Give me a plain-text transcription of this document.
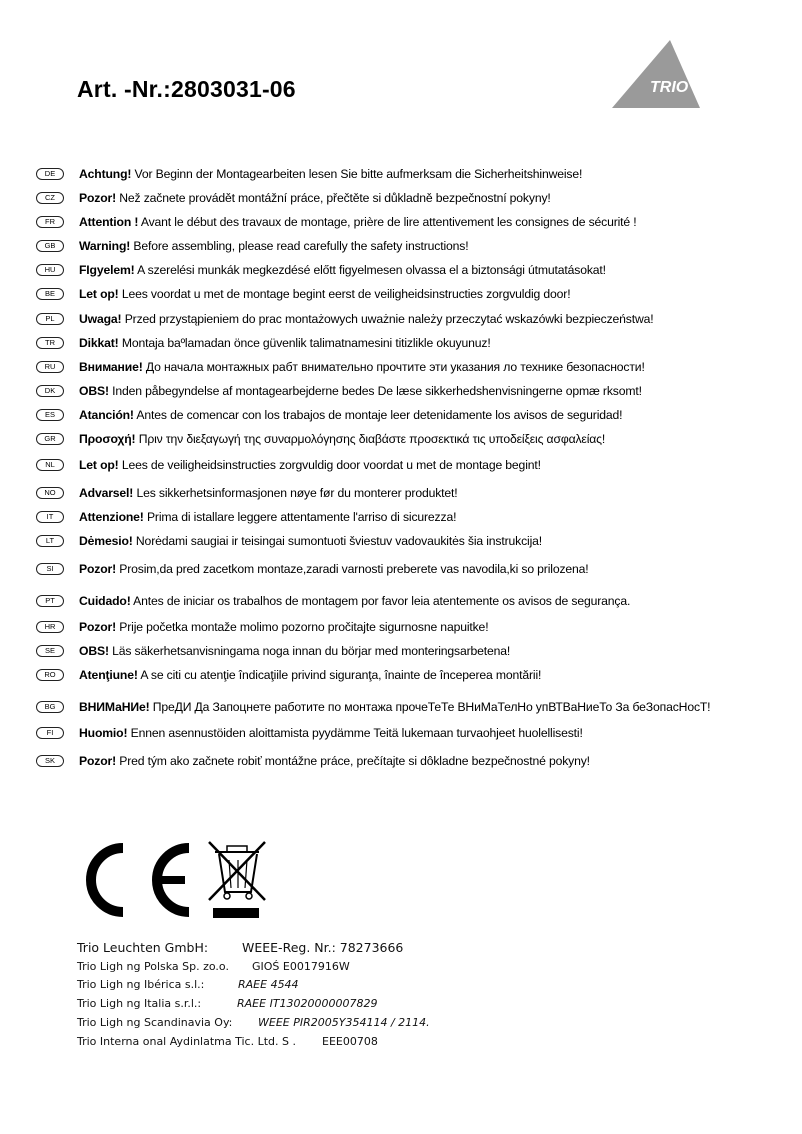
Art. -Nr.:2803031-06	TRIO
DE	Achtung! Vor Beginn der Montagearbeiten lesen Sie bitte aufmerksam die Sicherheitshinweise!
CZ	Pozor! Než začnete provádět montážní práce, přečtěte si důkladně bezpečnostní pokyny!
FR	Attention ! Avant le début des travaux de montage, prière de lire attentivement les consignes de sécurité !
GB	Warning! Before assembling, please read carefully the safety instructions!
HU	FIgyelem! A szerelési munkák megkezdésé előtt figyelmesen olvassa el a biztonsági útmutatásokat!
BE	Let op! Lees voordat u met de montage begint eerst de veiligheidsinstructies zorgvuldig door!
PL	Uwaga! Przed przystąpieniem do prac montażowych uważnie należy przeczytać wskazówki bezpieczeństwa!
TR	Dikkat! Montaja baºlamadan önce güvenlik talimatnamesini titizlikle okuyunuz!
RU	Внимание! До начала монтажных рабт внимательно прочтите эти указания ло технике безопасности!
DK	OBS! Inden påbegyndelse af montagearbejderne bedes De læse sikkerhedshenvisningerne opmæ rksomt!
ES	Atanción! Antes de comencar con los trabajos de montaje leer detenidamente los avisos de seguridad!
GR	Προσοχή! Πριν την διεξαγωγή της συναρμολόγησης διαβάστε προσεκτικά τις υποδείξεις ασφαλείας!
NL	Let op! Lees de veiligheidsinstructies zorgvuldig door voordat u met de montage begint!
NO	Advarsel! Les sikkerhetsinformasjonen nøye før du monterer produktet!
IT	Attenzione! Prima di istallare leggere attentamente l'arriso di sicurezza!
LT	Dėmesio! Norėdami saugiai ir teisingai sumontuoti šviestuv vadovaukitės šia instrukcija!
SI	Pozor! Prosim,da pred zacetkom montaze,zaradi varnosti preberete vas navodila,ki so prilozena!
PT	Cuidado! Antes de iniciar os trabalhos de montagem por favor leia atentemente os avisos de segurança.
HR	Pozor! Prije početka montaže molimo pozorno pročitajte sigurnosne napuitke!
SE	OBS! Läs säkerhetsanvisningama noga innan du börjar med monteringsarbetena!
RO	Atenţiune! A se citi cu atenţie îndicaţiile privind siguranţa, înainte de începerea montării!
BG	ВНИМаНИе! ПреДИ Да Запоцнете работите по монтажа прочеТеТе ВНиМаТелНо упВТВаНиеТо За беЗопасНосТ!
FI	Huomio! Ennen asennustöiden aloittamista pyydämme Teitä lukemaan turvaohjeet huolellisesti!
SK	Pozor! Pred tým ako začnete robiť montážne práce, prečítajte si dôkladne bezpečnostné pokyny!
Trio Leuchten GmbH:	WEEE-Reg. Nr.: 78273666
Trio Ligh ng Polska Sp. zo.o. GIOŚ E0017916W
Trio Ligh ng Ibérica s.l.:	RAEE 4544
Trio Ligh ng Italia s.r.l.:	RAEE IT13020000007829
Trio Ligh ng Scandinavia Oy: WEEE PIR2005Y354114 / 2114.
Trio Interna onal Aydinlatma Tic. Ltd. S . EEE00708
